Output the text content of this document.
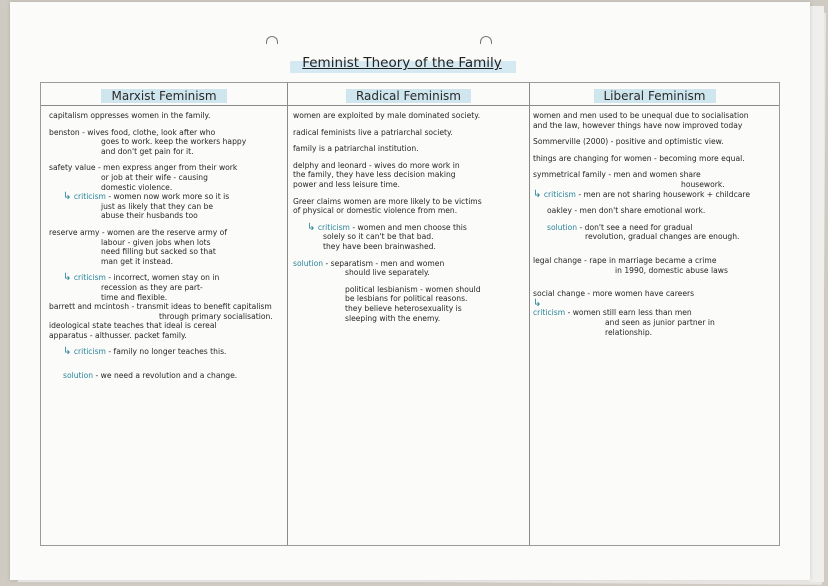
Feminist Theory of the Family
Marxist Feminism	Radical Feminism	Liberal Feminism

capitalism oppresses women in the family.

benston - wives food, clothe, look after who

goes to work. keep the workers happy

and don't get pain for it.

safety value - men express anger from their work

or job at their wife - causing

domestic violence.

↳ criticism - women now work more so it is

just as likely that they can be

abuse their husbands too

reserve army - women are the reserve army of

labour - given jobs when lots

need filling but sacked so that

man get it instead.

↳ criticism - incorrect, women stay on in

recession as they are part-

time and flexible.

barrett and mcintosh - transmit ideas to benefit capitalism

through primary socialisation.

ideological state teaches that ideal is cereal

apparatus - althusser. packet family.

↳ criticism - family no longer teaches this.

solution - we need a revolution and a change.

women are exploited by male dominated society.

radical feminists live a patriarchal society.

family is a patriarchal institution.

delphy and leonard - wives do more work in

the family, they have less decision making

power and less leisure time.

Greer claims women are more likely to be victims

of physical or domestic violence from men.

↳ criticism - women and men choose this

solely so it can't be that bad.

they have been brainwashed.

solution - separatism - men and women

should live separately.

political lesbianism - women should

be lesbians for political reasons.

they believe heterosexuality is

sleeping with the enemy.

women and men used to be unequal due to socialisation

and the law, however things have now improved today

Sommerville (2000) - positive and optimistic view.

things are changing for women - becoming more equal.

symmetrical family - men and women share

housework.

↳ criticism - men are not sharing housework + childcare

oakley - men don't share emotional work.

solution - don't see a need for gradual

revolution, gradual changes are enough.

legal change - rape in marriage became a crime

in 1990, domestic abuse laws

social change - more women have careers

↳

criticism - women still earn less than men

and seen as junior partner in

relationship.
